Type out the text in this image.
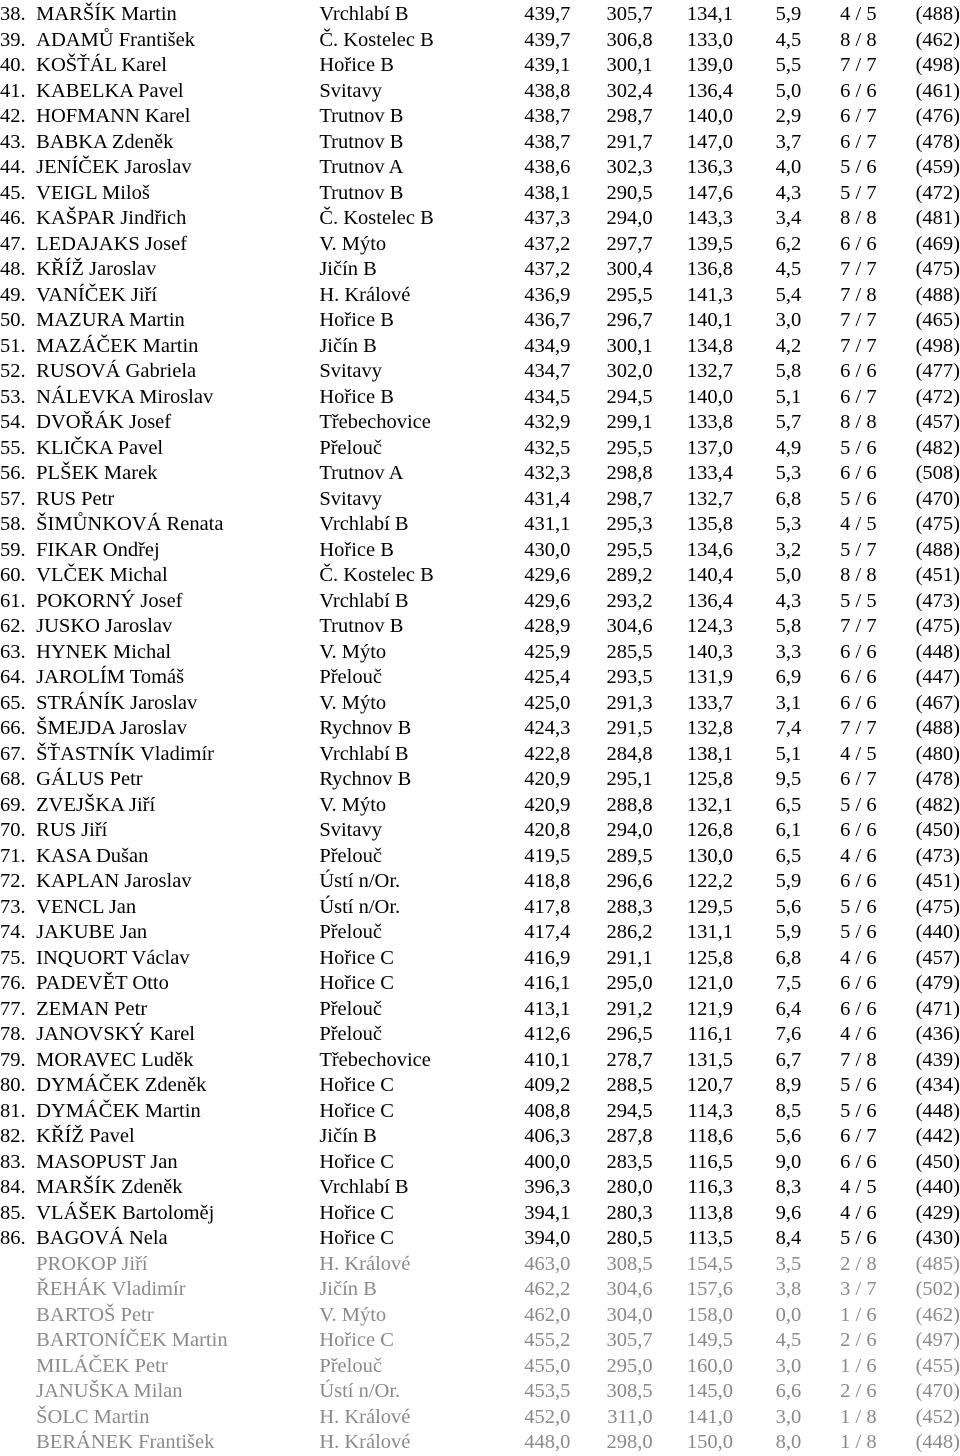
38.	MARŠÍK Martin	Vrchlabí B	439,7	305,7	134,1	5,9	4 / 5	(488)
39.	ADAMŮ František	Č. Kostelec B	439,7	306,8	133,0	4,5	8 / 8	(462)
40.	KOŠŤÁL Karel	Hořice B	439,1	300,1	139,0	5,5	7 / 7	(498)
41.	KABELKA Pavel	Svitavy	438,8	302,4	136,4	5,0	6 / 6	(461)
42.	HOFMANN Karel	Trutnov B	438,7	298,7	140,0	2,9	6 / 7	(476)
43.	BABKA Zdeněk	Trutnov B	438,7	291,7	147,0	3,7	6 / 7	(478)
44.	JENÍČEK Jaroslav	Trutnov A	438,6	302,3	136,3	4,0	5 / 6	(459)
45.	VEIGL Miloš	Trutnov B	438,1	290,5	147,6	4,3	5 / 7	(472)
46.	KAŠPAR Jindřich	Č. Kostelec B	437,3	294,0	143,3	3,4	8 / 8	(481)
47.	LEDAJAKS Josef	V. Mýto	437,2	297,7	139,5	6,2	6 / 6	(469)
48.	KŘÍŽ Jaroslav	Jičín B	437,2	300,4	136,8	4,5	7 / 7	(475)
49.	VANÍČEK Jiří	H. Králové	436,9	295,5	141,3	5,4	7 / 8	(488)
50.	MAZURA Martin	Hořice B	436,7	296,7	140,1	3,0	7 / 7	(465)
51.	MAZÁČEK Martin	Jičín B	434,9	300,1	134,8	4,2	7 / 7	(498)
52.	RUSOVÁ Gabriela	Svitavy	434,7	302,0	132,7	5,8	6 / 6	(477)
53.	NÁLEVKA Miroslav	Hořice B	434,5	294,5	140,0	5,1	6 / 7	(472)
54.	DVOŘÁK Josef	Třebechovice	432,9	299,1	133,8	5,7	8 / 8	(457)
55.	KLIČKA Pavel	Přelouč	432,5	295,5	137,0	4,9	5 / 6	(482)
56.	PLŠEK Marek	Trutnov A	432,3	298,8	133,4	5,3	6 / 6	(508)
57.	RUS Petr	Svitavy	431,4	298,7	132,7	6,8	5 / 6	(470)
58.	ŠIMŮNKOVÁ Renata	Vrchlabí B	431,1	295,3	135,8	5,3	4 / 5	(475)
59.	FIKAR Ondřej	Hořice B	430,0	295,5	134,6	3,2	5 / 7	(488)
60.	VLČEK Michal	Č. Kostelec B	429,6	289,2	140,4	5,0	8 / 8	(451)
61.	POKORNÝ Josef	Vrchlabí B	429,6	293,2	136,4	4,3	5 / 5	(473)
62.	JUSKO Jaroslav	Trutnov B	428,9	304,6	124,3	5,8	7 / 7	(475)
63.	HYNEK Michal	V. Mýto	425,9	285,5	140,3	3,3	6 / 6	(448)
64.	JAROLÍM Tomáš	Přelouč	425,4	293,5	131,9	6,9	6 / 6	(447)
65.	STRÁNÍK Jaroslav	V. Mýto	425,0	291,3	133,7	3,1	6 / 6	(467)
66.	ŠMEJDA Jaroslav	Rychnov B	424,3	291,5	132,8	7,4	7 / 7	(488)
67.	ŠŤASTNÍK Vladimír	Vrchlabí B	422,8	284,8	138,1	5,1	4 / 5	(480)
68.	GÁLUS Petr	Rychnov B	420,9	295,1	125,8	9,5	6 / 7	(478)
69.	ZVEJŠKA Jiří	V. Mýto	420,9	288,8	132,1	6,5	5 / 6	(482)
70.	RUS Jiří	Svitavy	420,8	294,0	126,8	6,1	6 / 6	(450)
71.	KASA Dušan	Přelouč	419,5	289,5	130,0	6,5	4 / 6	(473)
72.	KAPLAN Jaroslav	Ústí n/Or.	418,8	296,6	122,2	5,9	6 / 6	(451)
73.	VENCL Jan	Ústí n/Or.	417,8	288,3	129,5	5,6	5 / 6	(475)
74.	JAKUBE Jan	Přelouč	417,4	286,2	131,1	5,9	5 / 6	(440)
75.	INQUORT Václav	Hořice C	416,9	291,1	125,8	6,8	4 / 6	(457)
76.	PADEVĚT Otto	Hořice C	416,1	295,0	121,0	7,5	6 / 6	(479)
77.	ZEMAN Petr	Přelouč	413,1	291,2	121,9	6,4	6 / 6	(471)
78.	JANOVSKÝ Karel	Přelouč	412,6	296,5	116,1	7,6	4 / 6	(436)
79.	MORAVEC Luděk	Třebechovice	410,1	278,7	131,5	6,7	7 / 8	(439)
80.	DYMÁČEK Zdeněk	Hořice C	409,2	288,5	120,7	8,9	5 / 6	(434)
81.	DYMÁČEK Martin	Hořice C	408,8	294,5	114,3	8,5	5 / 6	(448)
82.	KŘÍŽ Pavel	Jičín B	406,3	287,8	118,6	5,6	6 / 7	(442)
83.	MASOPUST Jan	Hořice C	400,0	283,5	116,5	9,0	6 / 6	(450)
84.	MARŠÍK Zdeněk	Vrchlabí B	396,3	280,0	116,3	8,3	4 / 5	(440)
85.	VLÁŠEK Bartoloměj	Hořice C	394,1	280,3	113,8	9,6	4 / 6	(429)
86.	BAGOVÁ Nela	Hořice C	394,0	280,5	113,5	8,4	5 / 6	(430)
	PROKOP Jiří	H. Králové	463,0	308,5	154,5	3,5	2 / 8	(485)
	ŘEHÁK Vladimír	Jičín B	462,2	304,6	157,6	3,8	3 / 7	(502)
	BARTOŠ Petr	V. Mýto	462,0	304,0	158,0	0,0	1 / 6	(462)
	BARTONÍČEK Martin	Hořice C	455,2	305,7	149,5	4,5	2 / 6	(497)
	MILÁČEK Petr	Přelouč	455,0	295,0	160,0	3,0	1 / 6	(455)
	JANUŠKA Milan	Ústí n/Or.	453,5	308,5	145,0	6,6	2 / 6	(470)
	ŠOLC Martin	H. Králové	452,0	311,0	141,0	3,0	1 / 8	(452)
	BERÁNEK František	H. Králové	448,0	298,0	150,0	8,0	1 / 8	(448)
